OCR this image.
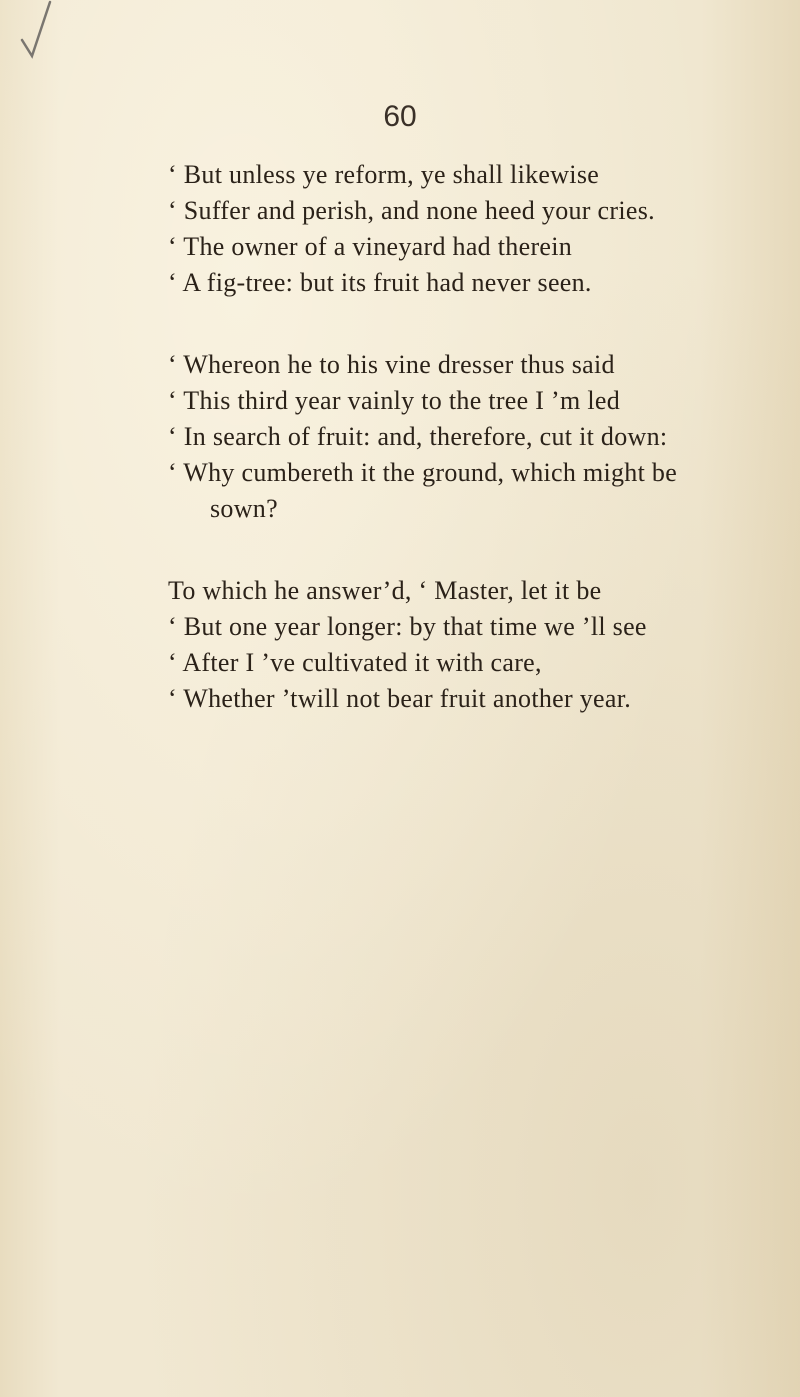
60
‘ But unless ye reform, ye shall likewise
‘ Suffer and perish, and none heed your cries.
‘ The owner of a vineyard had therein
‘ A fig-tree: but its fruit had never seen.
‘ Whereon he to his vine dresser thus said
‘ This third year vainly to the tree I ’m led
‘ In search of fruit: and, therefore, cut it down:
‘ Why cumbereth it the ground, which might be
sown?
To which he answer’d, ‘ Master, let it be
‘ But one year longer: by that time we ’ll see
‘ After I ’ve cultivated it with care,
‘ Whether ’twill not bear fruit another year.
